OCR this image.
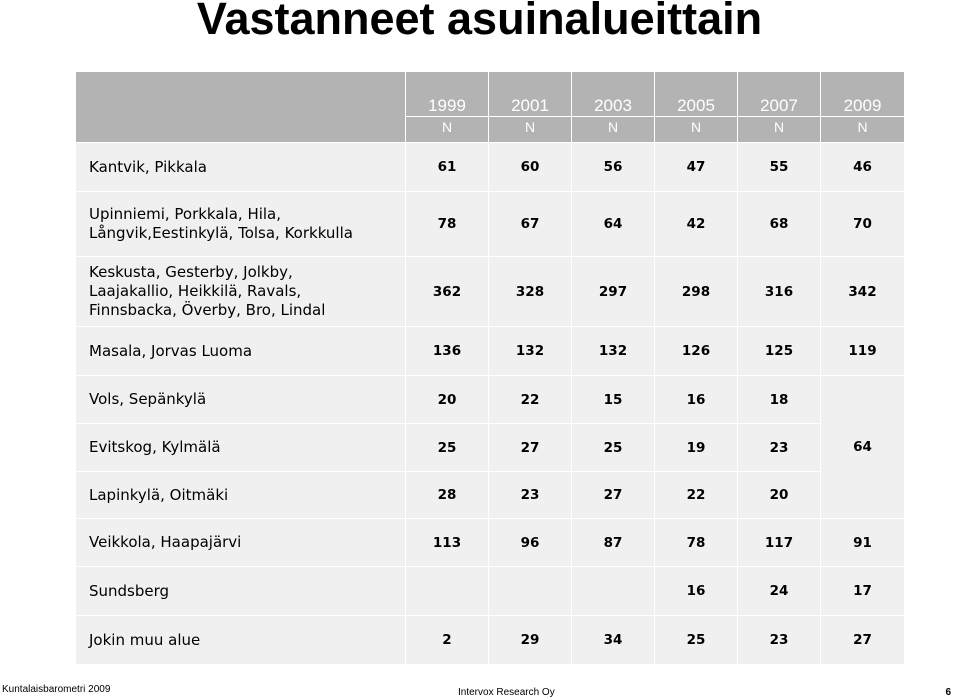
Vastanneet asuinalueittain
	1999	2001	2003	2005	2007	2009
	N	N	N	N	N	N
Kantvik, Pikkala	61	60	56	47	55	46

Upinniemi, Porkkala, Hila,
Långvik,Eestinkylä, Tolsa, Korkkulla	78	67	64	42	68	70

Keskusta, Gesterby, Jolkby,
Laajakallio, Heikkilä, Ravals,
Finnsbacka, Överby, Bro, Lindal	362	328	297	298	316	342
Masala, Jorvas Luoma	136	132	132	126	125	119
Vols, Sepänkylä	20	22	15	16	18	64
Evitskog, Kylmälä	25	27	25	19	23	
Lapinkylä, Oitmäki	28	23	27	22	20	
Veikkola, Haapajärvi	113	96	87	78	117	91
Sundsberg				16	24	17
Jokin muu alue	2	29	34	25	23	27
Kuntalaisbarometri 2009	Intervox Research Oy	6
